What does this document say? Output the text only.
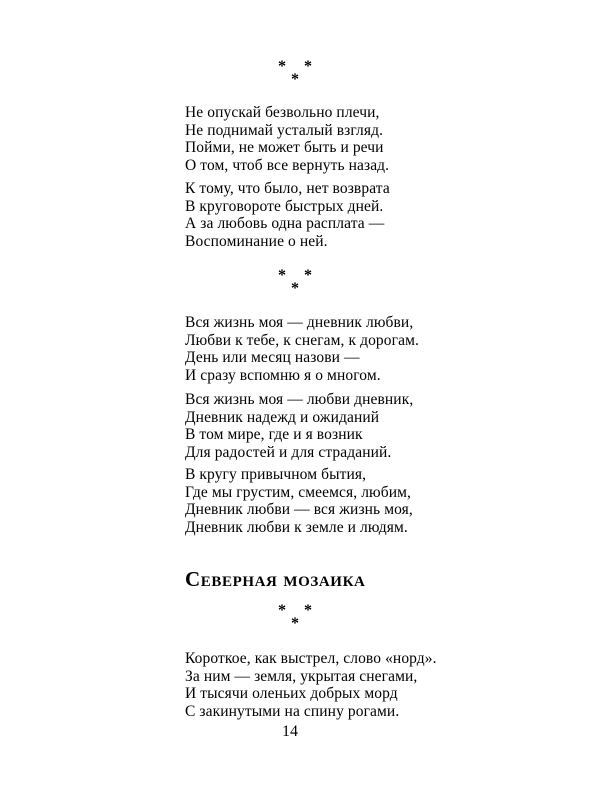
* *
*
Не опускай безвольно плечи,
Не поднимай усталый взгляд.
Пойми, не может быть и речи
О том, чтоб все вернуть назад.
К тому, что было, нет возврата
В круговороте быстрых дней.
А за любовь одна расплата —
Воспоминание о ней.
* *
*
Вся жизнь моя — дневник любви,
Любви к тебе, к снегам, к дорогам.
День или месяц назови —
И сразу вспомню я о многом.
Вся жизнь моя — любви дневник,
Дневник надежд и ожиданий
В том мире, где и я возник
Для радостей и для страданий.
В кругу привычном бытия,
Где мы грустим, смеемся, любим,
Дневник любви — вся жизнь моя,
Дневник любви к земле и людям.
Северная мозаика
* *
*
Короткое, как выстрел, слово «норд».
За ним — земля, укрытая снегами,
И тысячи оленьих добрых морд
С закинутыми на спину рогами.
14
